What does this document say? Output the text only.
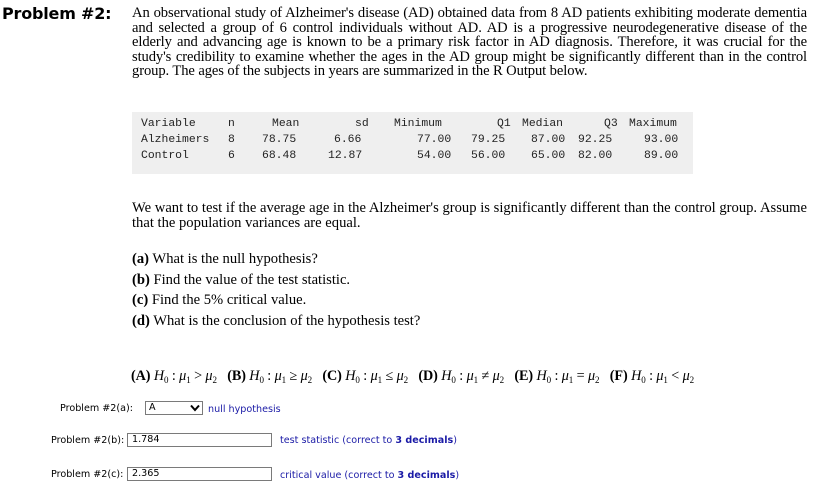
Problem #2: An observational study of Alzheimer's disease (AD) obtained data from 8 AD patients exhibiting moderate dementia and selected a group of 6 control individuals without AD. AD is a progressive neurodegenerative disease of the elderly and advancing age is known to be a primary risk factor in AD diagnosis. Therefore, it was crucial for the study's credibility to examine whether the ages in the AD group might be significantly different than in the control group. The ages of the subjects in years are summarized in the R Output below.
Variable	n	Mean	sd Minimum	Q1 Median	Q3 Maximum
Alzheimers 8 78.75	6.66	77.00 79.25 87.00 92.25	93.00
Control	6 68.48	12.87	54.00 56.00 65.00 82.00	89.00
We want to test if the average age in the Alzheimer's group is significantly different than the control group. Assume that the population variances are equal.
(a) What is the null hypothesis?
(b) Find the value of the test statistic.
(c) Find the 5% critical value.
(d) What is the conclusion of the hypothesis test?
(A) $H_0$ : $\mu_1 > \mu_2$ (B) $H_0$ : $\mu_1 \ge \mu_2$ (C) $H_0$ : $\mu_1 \le \mu_2$ (D) $H_0$ : $\mu_1 \ne \mu_2$ (E) $H_0$ : $\mu_1 = \mu_2$ (F) $H_0$ : $\mu_1 < \mu_2$
Problem #2(a):	A	null hypothesis
Problem #2(b): 1.784	test statistic (correct to 3 decimals)
Problem #2(c): 2.365	critical value (correct to 3 decimals)
